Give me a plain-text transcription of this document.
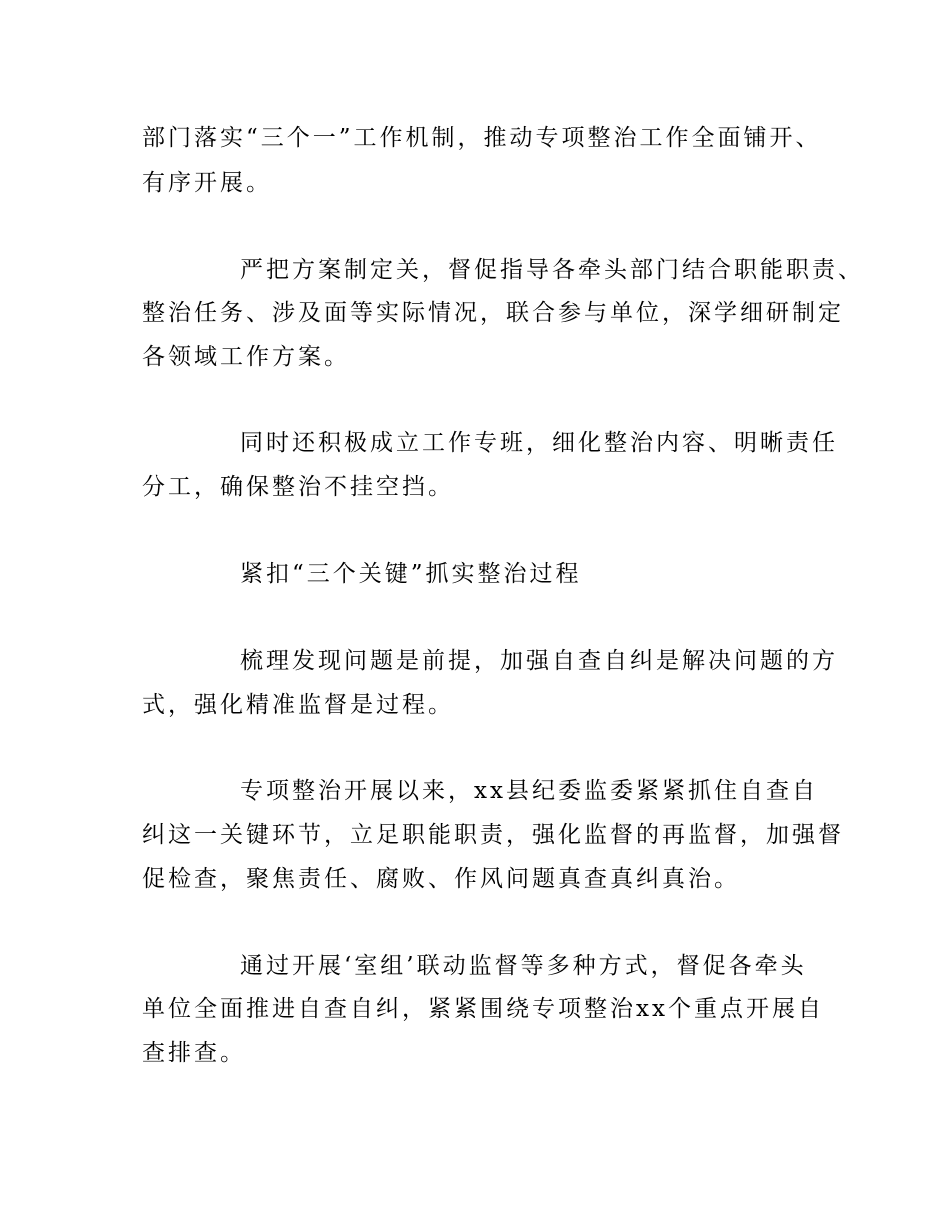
部门落实“三个一”工作机制，推动专项整治工作全面铺开、
有序开展。
严把方案制定关，督促指导各牵头部门结合职能职责、
整治任务、涉及面等实际情况，联合参与单位，深学细研制定
各领域工作方案。
同时还积极成立工作专班，细化整治内容、明晰责任
分工，确保整治不挂空挡。
紧扣“三个关键”抓实整治过程
梳理发现问题是前提，加强自查自纠是解决问题的方
式，强化精准监督是过程。
专项整治开展以来，xx县纪委监委紧紧抓住自查自
纠这一关键环节，立足职能职责，强化监督的再监督，加强督
促检查，聚焦责任、腐败、作风问题真查真纠真治。
通过开展‘室组’联动监督等多种方式，督促各牵头
单位全面推进自查自纠，紧紧围绕专项整治xx个重点开展自
查排查。
